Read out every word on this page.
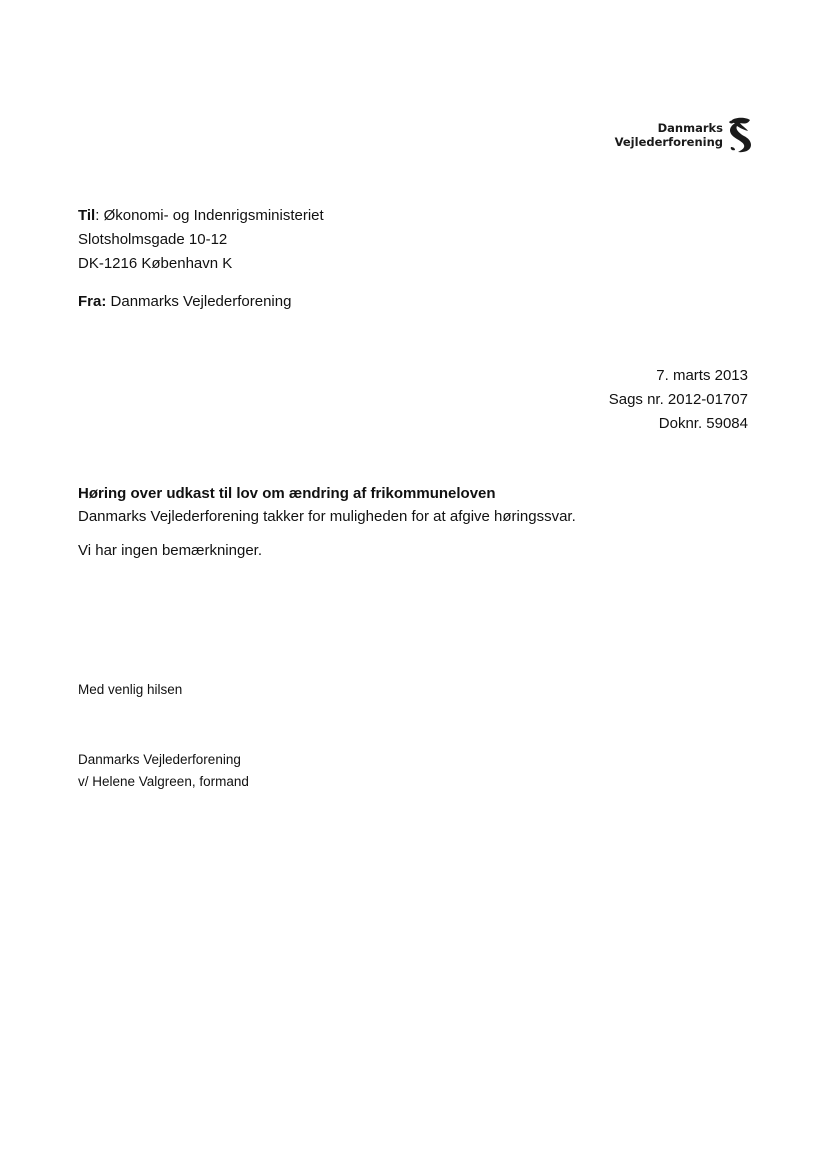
Danmarks
Vejlederforening
Til: Økonomi- og Indenrigsministeriet
Slotsholmsgade 10-12
DK-1216 København K
Fra: Danmarks Vejlederforening
7. marts 2013
Sags nr. 2012-01707
Doknr. 59084
Høring over udkast til lov om ændring af frikommuneloven
Danmarks Vejlederforening takker for muligheden for at afgive høringssvar.
Vi har ingen bemærkninger.
Med venlig hilsen
Danmarks Vejlederforening
v/ Helene Valgreen, formand
